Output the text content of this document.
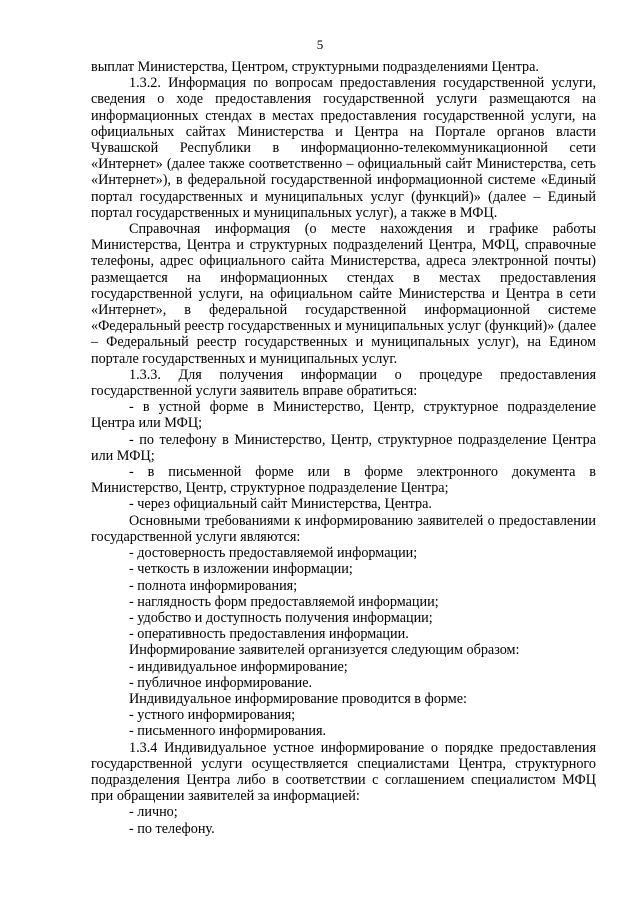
5

выплат Министерства, Центром, структурными подразделениями Центра.

1.3.2. Информация по вопросам предоставления государственной услуги, сведения о ходе предоставления государственной услуги размещаются на информационных стендах в местах предоставления государственной услуги, на официальных сайтах Министерства и Центра на Портале органов власти Чувашской Республики в информационно-телекоммуникационной сети «Интернет» (далее также соответственно – официальный сайт Министерства, сеть «Интернет»), в федеральной государственной информационной системе «Единый портал государственных и муниципальных услуг (функций)» (далее – Единый портал государственных и муниципальных услуг), а также в МФЦ.

Справочная информация (о месте нахождения и графике работы Министерства, Центра и структурных подразделений Центра, МФЦ, справочные телефоны, адрес официального сайта Министерства, адреса электронной почты) размещается на информационных стендах в местах предоставления государственной услуги, на официальном сайте Министерства и Центра в сети «Интернет», в федеральной государственной информационной системе «Федеральный реестр государственных и муниципальных услуг (функций)» (далее – Федеральный реестр государственных и муниципальных услуг), на Едином портале государственных и муниципальных услуг.

1.3.3. Для получения информации о процедуре предоставления государственной услуги заявитель вправе обратиться:

- в устной форме в Министерство, Центр, структурное подразделение Центра или МФЦ;

- по телефону в Министерство, Центр, структурное подразделение Центра или МФЦ;

- в письменной форме или в форме электронного документа в Министерство, Центр, структурное подразделение Центра;

- через официальный сайт Министерства, Центра.

Основными требованиями к информированию заявителей о предоставлении государственной услуги являются:

- достоверность предоставляемой информации;

- четкость в изложении информации;

- полнота информирования;

- наглядность форм предоставляемой информации;

- удобство и доступность получения информации;

- оперативность предоставления информации.

Информирование заявителей организуется следующим образом:

- индивидуальное информирование;

- публичное информирование.

Индивидуальное информирование проводится в форме:

- устного информирования;

- письменного информирования.

1.3.4 Индивидуальное устное информирование о порядке предоставления государственной услуги осуществляется специалистами Центра, структурного подразделения Центра либо в соответствии с соглашением специалистом МФЦ при обращении заявителей за информацией:

- лично;

- по телефону.
